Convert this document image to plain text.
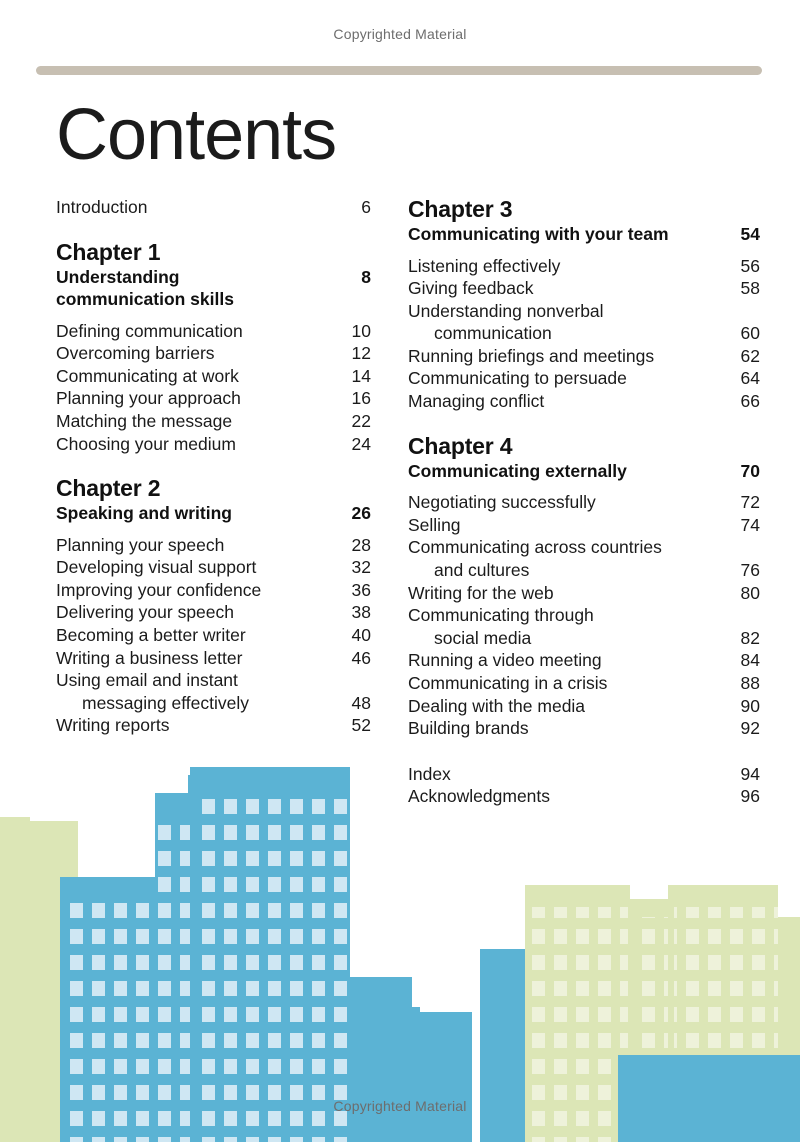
Copyrighted Material
Contents
Introduction	6
Chapter 1
Understanding
communication skills
8
Defining communication	10
Overcoming barriers	12
Communicating at work	14
Planning your approach	16
Matching the message	22
Choosing your medium	24
Chapter 2
Speaking and writing	26
Planning your speech	28
Developing visual support	32
Improving your confidence	36
Delivering your speech	38
Becoming a better writer	40
Writing a business letter	46
Using email and instant
messaging effectively	48
Writing reports	52
Chapter 3
Communicating with your team	54
Listening effectively	56
Giving feedback	58
Understanding nonverbal
communication	60
Running briefings and meetings	62
Communicating to persuade	64
Managing conflict	66
Chapter 4
Communicating externally	70
Negotiating successfully	72
Selling	74
Communicating across countries
and cultures	76
Writing for the web	80
Communicating through
social media	82
Running a video meeting	84
Communicating in a crisis	88
Dealing with the media	90
Building brands	92
Index	94
Acknowledgments	96
Copyrighted Material
